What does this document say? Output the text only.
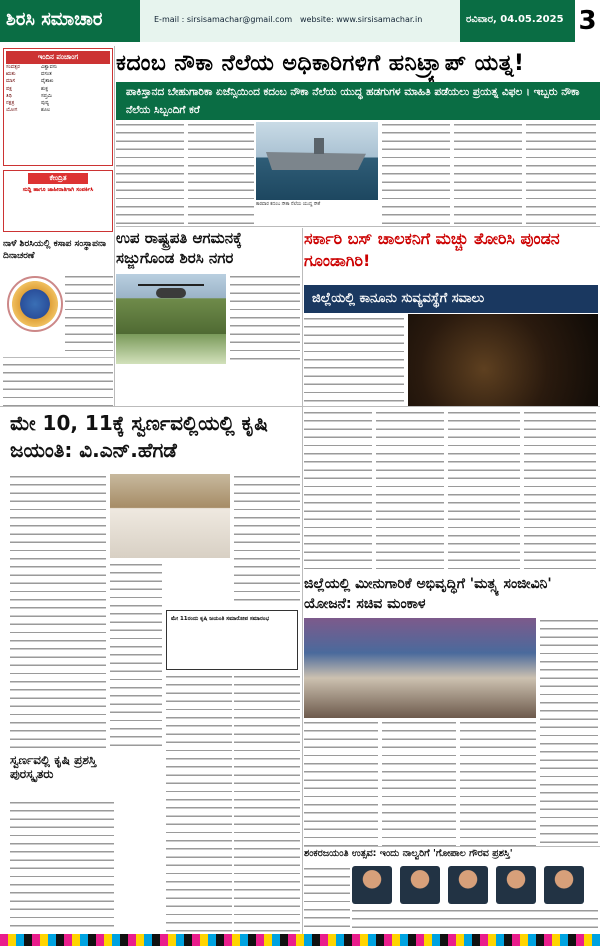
ಶಿರಸಿ ಸಮಾಚಾರ	E-mail : sirsisamachar@gmail.com website: www.sirsisamachar.in	ರವಿವಾರ, 04.05.2025 3
ಇಂದಿನ ಪಂಚಾಂಗ
ಸಂವತ್ಸರ	ವಿಶ್ವಾವಸು
ಋತು	ವಸಂತ
ಮಾಸ	ವೈಶಾಖ
ಪಕ್ಷ	ಶುಕ್ಲ
ತಿಥಿ	ಸಪ್ತಮಿ
ನಕ್ಷತ್ರ	ಪುಷ್ಯ
ಯೋಗ	ಶೂಲ
ಕೇಂದ್ರಿತ
ಸುದ್ದಿ ಹಾಗೂ ಜಾಹೀರಾತಿಗಾಗಿ ಸಂಪರ್ಕಿಸಿ
ನಾಳೆ ಶಿರಸಿಯಲ್ಲಿ ಕಸಾಪ ಸಂಸ್ಥಾಪನಾ ದಿನಾಚರಣೆ
ಕದಂಬ ನೌಕಾ ನೆಲೆಯ ಅಧಿಕಾರಿಗಳಿಗೆ ಹನಿಟ್ರ್ಯಾಪ್ ಯತ್ನ!
ಪಾಕಿಸ್ತಾನದ ಬೇಹುಗಾರಿಕಾ ಏಜೆನ್ಸಿಯಿಂದ ಕದಂಬ ನೌಕಾ ನೆಲೆಯ ಯುದ್ಧ ಹಡಗುಗಳ ಮಾಹಿತಿ ಪಡೆಯಲು ಪ್ರಯತ್ನ ವಿಫಲ । ಇಬ್ಬರು ನೌಕಾ ನೆಲೆಯ ಸಿಬ್ಬಂದಿಗೆ ಕರೆ
ಕಾರವಾರ ಕದಂಬ ನೌಕಾ ನೆಲೆಯ ಯುದ್ಧ ನೌಕೆ
ಉಪ ರಾಷ್ಟ್ರಪತಿ ಆಗಮನಕ್ಕೆ ಸಜ್ಜುಗೊಂಡ ಶಿರಸಿ ನಗರ
ಸರ್ಕಾರಿ ಬಸ್ ಚಾಲಕನಿಗೆ ಮಚ್ಚು ತೋರಿಸಿ ಪುಂಡನ ಗೂಂಡಾಗಿರಿ!
ಜಿಲ್ಲೆಯಲ್ಲಿ ಕಾನೂನು ಸುವ್ಯವಸ್ಥೆಗೆ ಸವಾಲು
ಮೇ 10, 11ಕ್ಕೆ ಸ್ವರ್ಣವಲ್ಲಿಯಲ್ಲಿ ಕೃಷಿ ಜಯಂತಿ: ವಿ.ಎನ್.ಹೆಗಡೆ
ಮೇ 11ರಂದು ಕೃಷಿ ಜಯಂತಿ ಸಮಾರೋಪ ಸಮಾರಂಭ
ಜಿಲ್ಲೆಯಲ್ಲಿ ಮೀನುಗಾರಿಕೆ ಅಭಿವೃದ್ಧಿಗೆ 'ಮತ್ಸ್ಯ ಸಂಜೀವಿನಿ' ಯೋಜನೆ: ಸಚಿವ ಮಂಕಾಳ
ಸ್ವರ್ಣವಲ್ಲಿ ಕೃಷಿ ಪ್ರಶಸ್ತಿ ಪುರಸ್ಕೃತರು
ಶಂಕರಜಯಂತಿ ಉತ್ಸವ: ಇಂದು ನಾಲ್ವರಿಗೆ 'ಗೋಪಾಲ ಗೌರವ ಪ್ರಶಸ್ತಿ'
